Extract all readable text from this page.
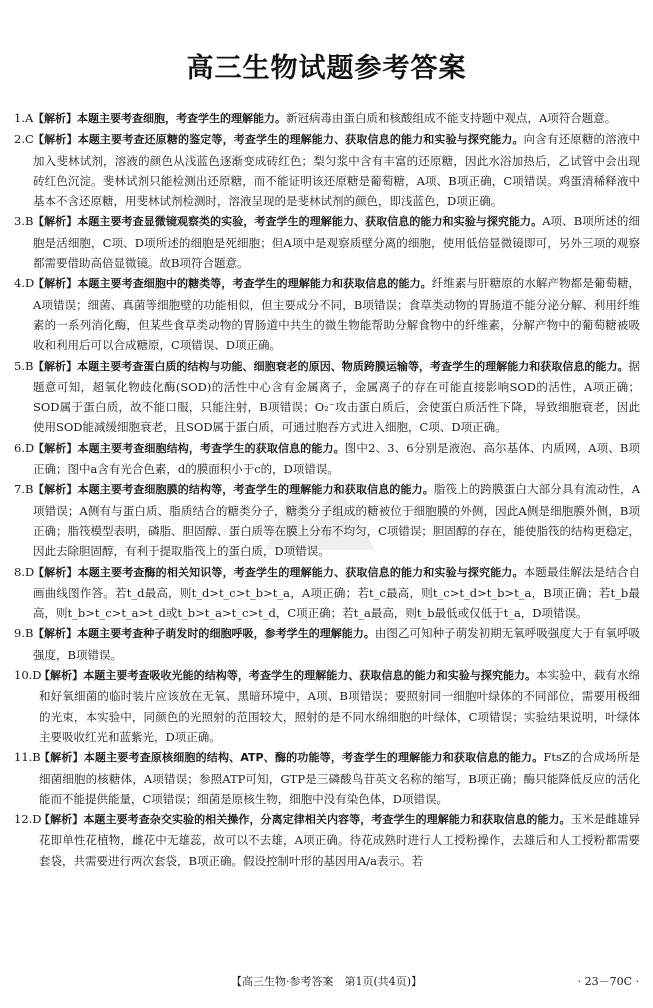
高三生物试题参考答案

1.A 【解析】本题主要考查细胞，考查学生的理解能力。新冠病毒由蛋白质和核酸组成不能支持题中观点，A项符合题意。

2.C 【解析】本题主要考查还原糖的鉴定等，考查学生的理解能力、获取信息的能力和实验与探究能力。向含有还原糖的溶液中加入斐林试剂，溶液的颜色从浅蓝色逐渐变成砖红色；梨匀浆中含有丰富的还原糖，因此水浴加热后，乙试管中会出现砖红色沉淀。斐林试剂只能检测出还原糖，而不能证明该还原糖是葡萄糖，A项、B项正确，C项错误。鸡蛋清稀释液中基本不含还原糖，用斐林试剂检测时，溶液呈现的是斐林试剂的颜色，即浅蓝色，D项正确。

3.B 【解析】本题主要考查显微镜观察类的实验，考查学生的理解能力、获取信息的能力和实验与探究能力。A项、B项所述的细胞是活细胞，C项、D项所述的细胞是死细胞；但A项中是观察质壁分离的细胞，使用低倍显微镜即可，另外三项的观察都需要借助高倍显微镜。故B项符合题意。

4.D
【解析】本题主要考查细胞中的糖类等，考查学生的理解能力和获取信息的能力。纤维素与肝糖原的水解产物都是葡萄糖，A项错误；细菌、真菌等细胞壁的功能相似，但主要成分不同，B项错误；食草类动物的胃肠道不能分泌分解、利用纤维素的一系列消化酶，但某些食草类动物的胃肠道中共生的微生物能帮助分解食物中的纤维素，分解产物中的葡萄糖被吸收和利用后可以合成糖原，C项错误、D项正确。

5.B 【解析】本题主要考查蛋白质的结构与功能、细胞衰老的原因、物质跨膜运输等，考查学生的理解能力和获取信息的能力。据题意可知，超氧化物歧化酶(SOD)的活性中心含有金属离子，金属离子的存在可能直接影响SOD的活性，A项正确；SOD属于蛋白质，故不能口服，只能注射，B项错误；O₂⁻攻击蛋白质后，会使蛋白质活性下降，导致细胞衰老，因此使用SOD能减缓细胞衰老，且SOD属于蛋白质，可通过胞吞方式进入细胞，C项、D项正确。

6.D
【解析】本题主要考查细胞结构，考查学生的获取信息的能力。图中2、3、6分别是液泡、高尔基体、内质网，A项、B项正确；图中a含有光合色素，d的膜面积小于c的，D项错误。

7.B 【解析】本题主要考查细胞膜的结构等，考查学生的理解能力和获取信息的能力。脂筏上的跨膜蛋白大部分具有流动性，A项错误；A侧有与蛋白质、脂质结合的糖类分子，糖类分子组成的糖被位于细胞膜的外侧，因此A侧是细胞膜外侧，B项正确；脂筏模型表明，磷脂、胆固醇、蛋白质等在膜上分布不均匀，C项错误；胆固醇的存在，能使脂筏的结构更稳定，因此去除胆固醇，有利于提取脂筏上的蛋白质，D项错误。

8.D
【解析】本题主要考查酶的相关知识等，考查学生的理解能力、获取信息的能力和实验与探究能力。本题最佳解法是结合自画曲线图作答。若t_d最高，则t_d>t_c>t_b>t_a，A项正确；若t_c最高，则t_c>t_d>t_b>t_a，B项正确；若t_b最高，则t_b>t_c>t_a>t_d或t_b>t_a>t_c>t_d，C项正确；若t_a最高，则t_b最低或仅低于t_a，D项错误。

9.B 【解析】本题主要考查种子萌发时的细胞呼吸，参考学生的理解能力。由图乙可知种子萌发初期无氧呼吸强度大于有氧呼吸强度，B项错误。

10.D
【解析】本题主要考查吸收光能的结构等，考查学生的理解能力、获取信息的能力和实验与探究能力。本实验中，载有水绵和好氧细菌的临时装片应该放在无氧、黑暗环境中，A项、B项错误；要照射同一细胞叶绿体的不同部位，需要用极细的光束，本实验中，同颜色的光照射的范围较大，照射的是不同水绵细胞的叶绿体，C项错误；实验结果说明，叶绿体主要吸收红光和蓝紫光，D项正确。

11.B
【解析】本题主要考查原核细胞的结构、ATP、酶的功能等，考查学生的理解能力和获取信息的能力。FtsZ的合成场所是细菌细胞的核糖体，A项错误；参照ATP可知，GTP是三磷酸鸟苷英文名称的缩写，B项正确；酶只能降低反应的活化能而不能提供能量，C项错误；细菌是原核生物，细胞中没有染色体，D项错误。

12.D
【解析】本题主要考查杂交实验的相关操作，分离定律相关内容等，考查学生的理解能力和获取信息的能力。玉米是雌雄异花即单性花植物，雌花中无雄蕊，故可以不去雄，A项正确。待花成熟时进行人工授粉操作，去雄后和人工授粉都需要套袋，共需要进行两次套袋，B项正确。假设控制叶形的基因用A/a表示。若

【高三生物·参考答案　第1页(共4页)】	· 23－70C ·
